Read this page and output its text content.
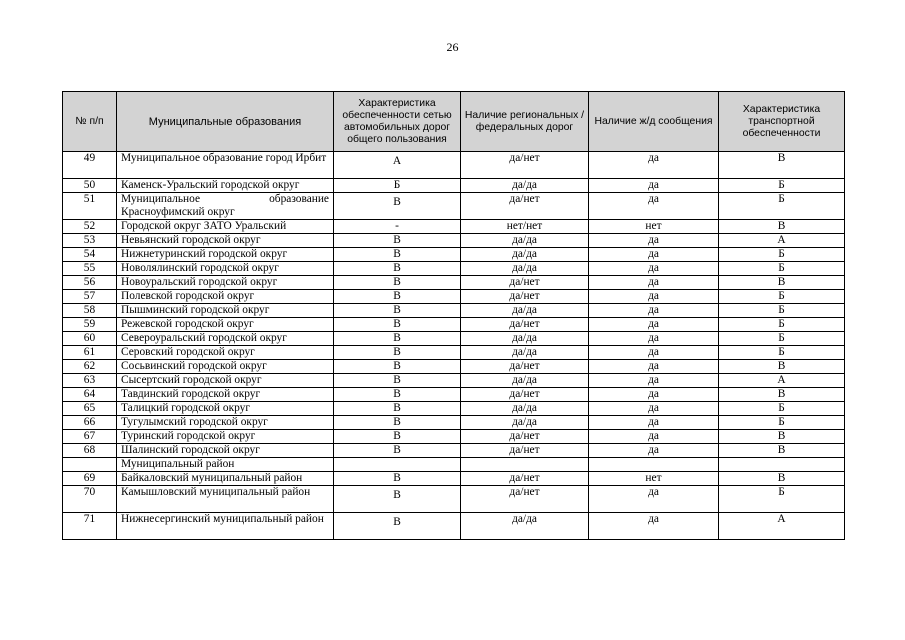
26
№ п/п	Муниципальные образования	Характеристика обеспеченности сетью автомобильных дорог общего пользования	Наличие региональных / федеральных дорог	Наличие ж/д сообщения	Характеристика транспортной обеспеченности
49	Муниципальное образование город Ирбит	А	да/нет	да	В
50	Каменск-Уральский городской округ	Б	да/да	да	Б
51	Муниципальное образование Красноуфимский округ	В	да/нет	да	Б
52	Городской округ ЗАТО Уральский	-	нет/нет	нет	В
53	Невьянский городской округ	В	да/да	да	А
54	Нижнетуринский городской округ	В	да/да	да	Б
55	Новолялинский городской округ	В	да/да	да	Б
56	Новоуральский городской округ	В	да/нет	да	В
57	Полевской городской округ	В	да/нет	да	Б
58	Пышминский городской округ	В	да/да	да	Б
59	Режевской городской округ	В	да/нет	да	Б
60	Североуральский городской округ	В	да/да	да	Б
61	Серовский городской округ	В	да/да	да	Б
62	Сосьвинский городской округ	В	да/нет	да	В
63	Сысертский городской округ	В	да/да	да	А
64	Тавдинский городской округ	В	да/нет	да	В
65	Талицкий городской округ	В	да/да	да	Б
66	Тугулымский городской округ	В	да/да	да	Б
67	Туринский городской округ	В	да/нет	да	В
68	Шалинский городской округ	В	да/нет	да	В
	Муниципальный район				
69	Байкаловский муниципальный район	В	да/нет	нет	В
70	Камышловский муниципальный район	В	да/нет	да	Б
71	Нижнесергинский муниципальный район	В	да/да	да	А
